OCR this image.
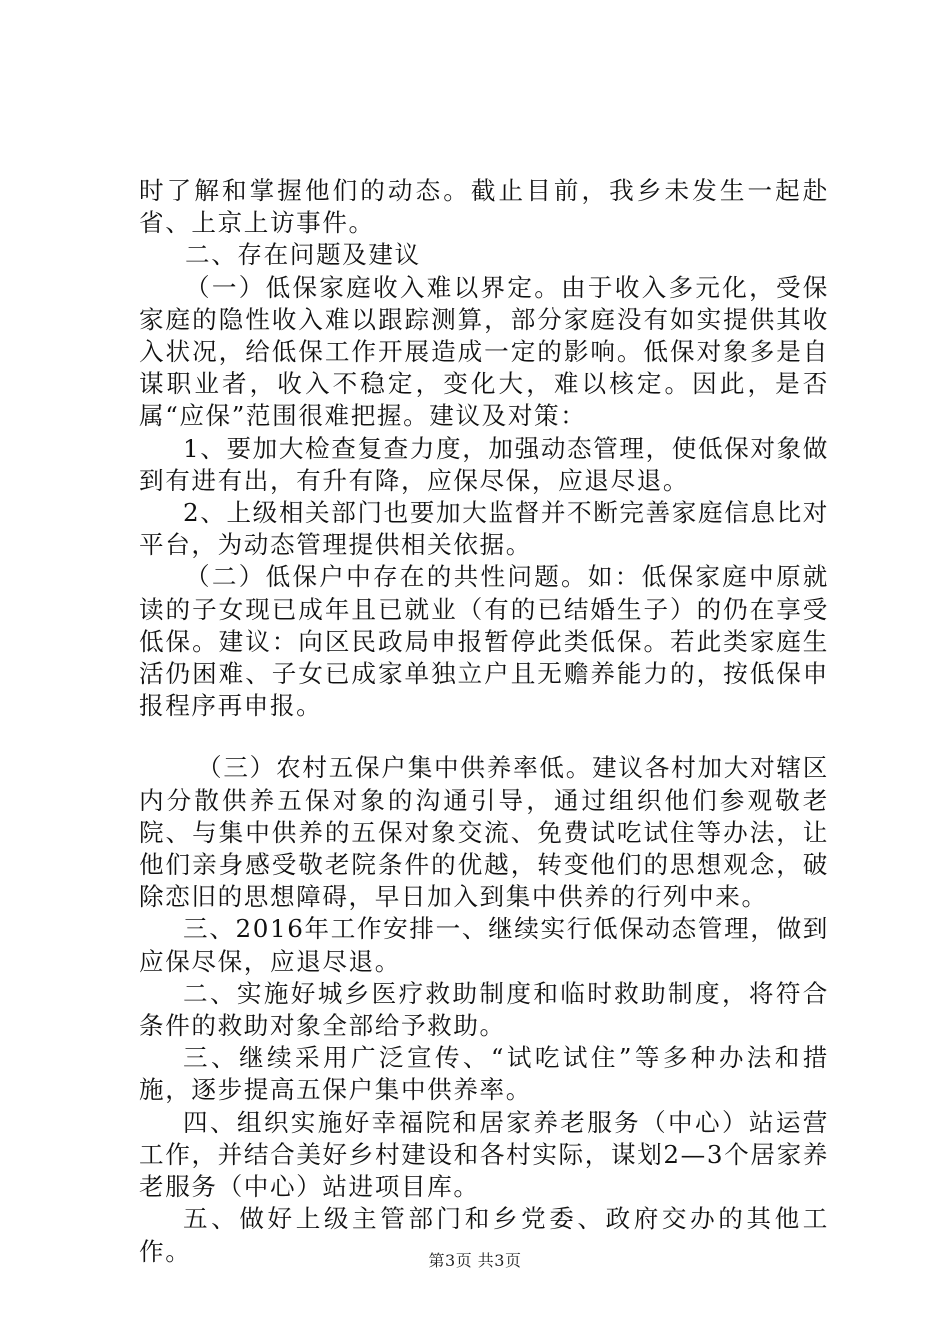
时了解和掌握他们的动态。截止目前，我乡未发生一起赴省、上京上访事件。

二、存在问题及建议

（一）低保家庭收入难以界定。由于收入多元化，受保家庭的隐性收入难以跟踪测算，部分家庭没有如实提供其收入状况，给低保工作开展造成一定的影响。低保对象多是自谋职业者，收入不稳定，变化大，难以核定。因此，是否属“应保”范围很难把握。建议及对策：

1、要加大检查复查力度，加强动态管理，使低保对象做到有进有出，有升有降，应保尽保，应退尽退。

2、上级相关部门也要加大监督并不断完善家庭信息比对平台，为动态管理提供相关依据。

（二）低保户中存在的共性问题。如：低保家庭中原就读的子女现已成年且已就业（有的已结婚生子）的仍在享受低保。建议：向区民政局申报暂停此类低保。若此类家庭生活仍困难、子女已成家单独立户且无赡养能力的，按低保申报程序再申报。

（三）农村五保户集中供养率低。建议各村加大对辖区内分散供养五保对象的沟通引导，通过组织他们参观敬老院、与集中供养的五保对象交流、免费试吃试住等办法，让他们亲身感受敬老院条件的优越，转变他们的思想观念，破除恋旧的思想障碍，早日加入到集中供养的行列中来。

三、2016年工作安排一、继续实行低保动态管理，做到应保尽保，应退尽退。

二、实施好城乡医疗救助制度和临时救助制度，将符合条件的救助对象全部给予救助。

三、继续采用广泛宣传、“试吃试住”等多种办法和措施，逐步提高五保户集中供养率。

四、组织实施好幸福院和居家养老服务（中心）站运营工作，并结合美好乡村建设和各村实际，谋划2—3个居家养老服务（中心）站进项目库。

五、做好上级主管部门和乡党委、政府交办的其他工作。	第3页 共3页
